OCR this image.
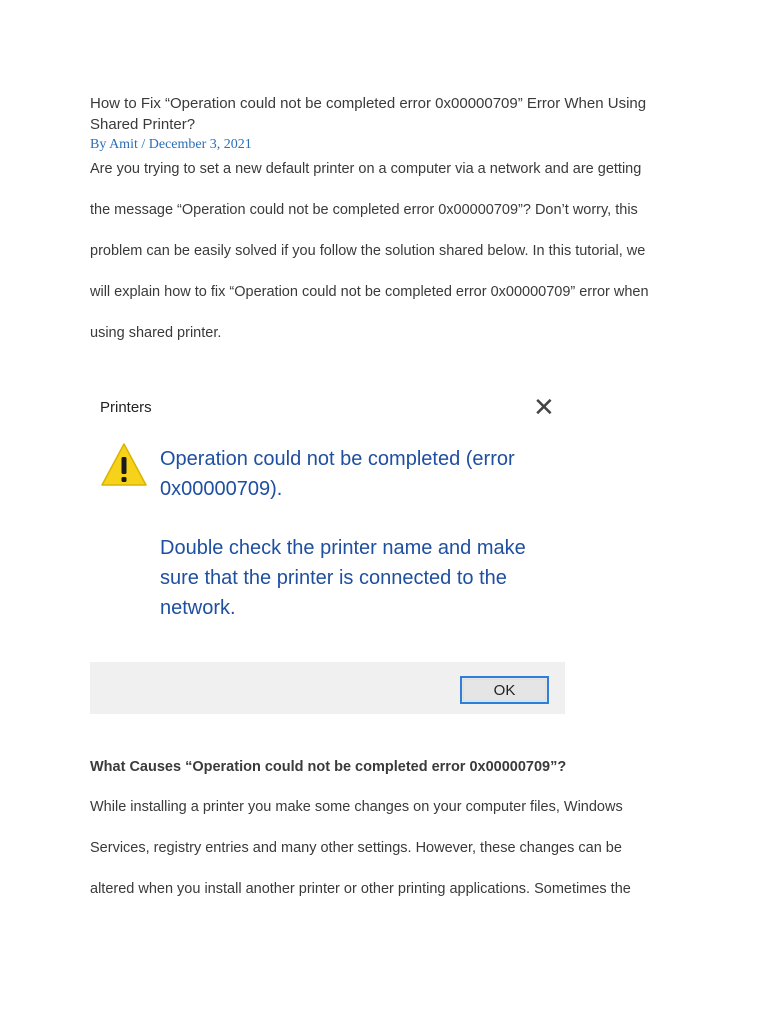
How to Fix “Operation could not be completed error 0x00000709” Error When Using Shared Printer?

By Amit / December 3, 2021

Are you trying to set a new default printer on a computer via a network and are getting

the message “Operation could not be completed error 0x00000709”? Don’t worry, this

problem can be easily solved if you follow the solution shared below. In this tutorial, we

will explain how to fix “Operation could not be completed error 0x00000709” error when

using shared printer.

Printers	✕

Operation could not be completed (error 0x00000709).

Double check the printer name and make sure that the printer is connected to the network.

OK

What Causes “Operation could not be completed error 0x00000709”?

While installing a printer you make some changes on your computer files, Windows

Services, registry entries and many other settings. However, these changes can be

altered when you install another printer or other printing applications. Sometimes the
